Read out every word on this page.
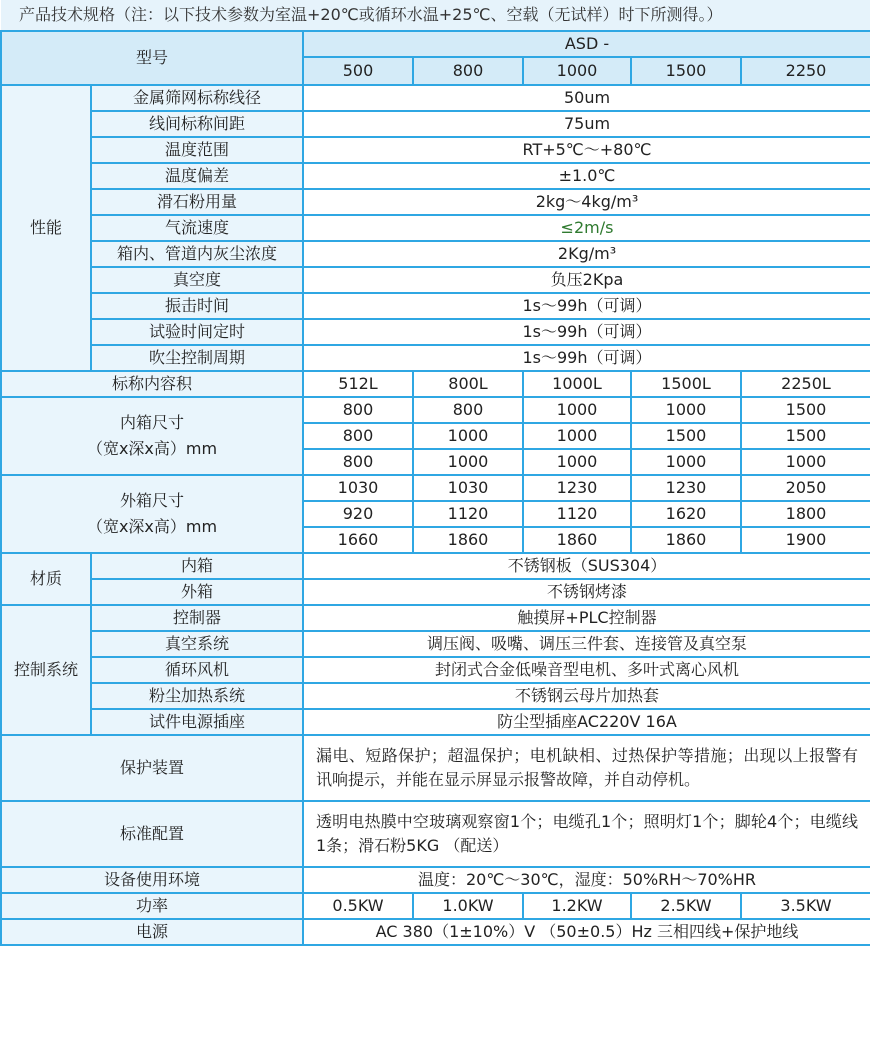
产品技术规格（注：以下技术参数为室温+20℃或循环水温+25℃、空载（无试样）时下所测得。）						
型号		ASD -				
		500	800	1000	1500	2250
性能	金属筛网标称线径	50um				
	线间标称间距	75um				
	温度范围	RT+5℃～+80℃				
	温度偏差	±1.0℃				
	滑石粉用量	2kg～4kg/m³				
	气流速度	≤2m/s				
	箱内、管道内灰尘浓度	2Kg/m³				
	真空度	负压2Kpa				
	振击时间	1s～99h（可调）				
	试验时间定时	1s～99h（可调）				
	吹尘控制周期	1s～99h（可调）				
标称内容积		512L	800L	1000L	1500L	2250L

内箱尺寸
（宽x深x高）mm		800	800	1000	1000	1500
		800	1000	1000	1500	1500
		800	1000	1000	1000	1000

外箱尺寸
（宽x深x高）mm		1030	1030	1230	1230	2050
		920	1120	1120	1620	1800
		1660	1860	1860	1860	1900
材质	内箱	不锈钢板（SUS304）				
	外箱	不锈钢烤漆				
控制系统	控制器	触摸屏+PLC控制器				
	真空系统	调压阀、吸嘴、调压三件套、连接管及真空泵				
	循环风机	封闭式合金低噪音型电机、多叶式离心风机				
	粉尘加热系统	不锈钢云母片加热套				
	试件电源插座	防尘型插座AC220V 16A				
保护装置		漏电、短路保护；超温保护；电机缺相、过热保护等措施；出现以上报警有讯响提示，并能在显示屏显示报警故障，并自动停机。				
标准配置		透明电热膜中空玻璃观察窗1个；电缆孔1个；照明灯1个；脚轮4个；电缆线1条；滑石粉5KG （配送）				
设备使用环境		温度：20℃～30℃，湿度：50%RH～70%HR				
功率		0.5KW	1.0KW	1.2KW	2.5KW	3.5KW
电源		AC 380（1±10%）V （50±0.5）Hz 三相四线+保护地线				
